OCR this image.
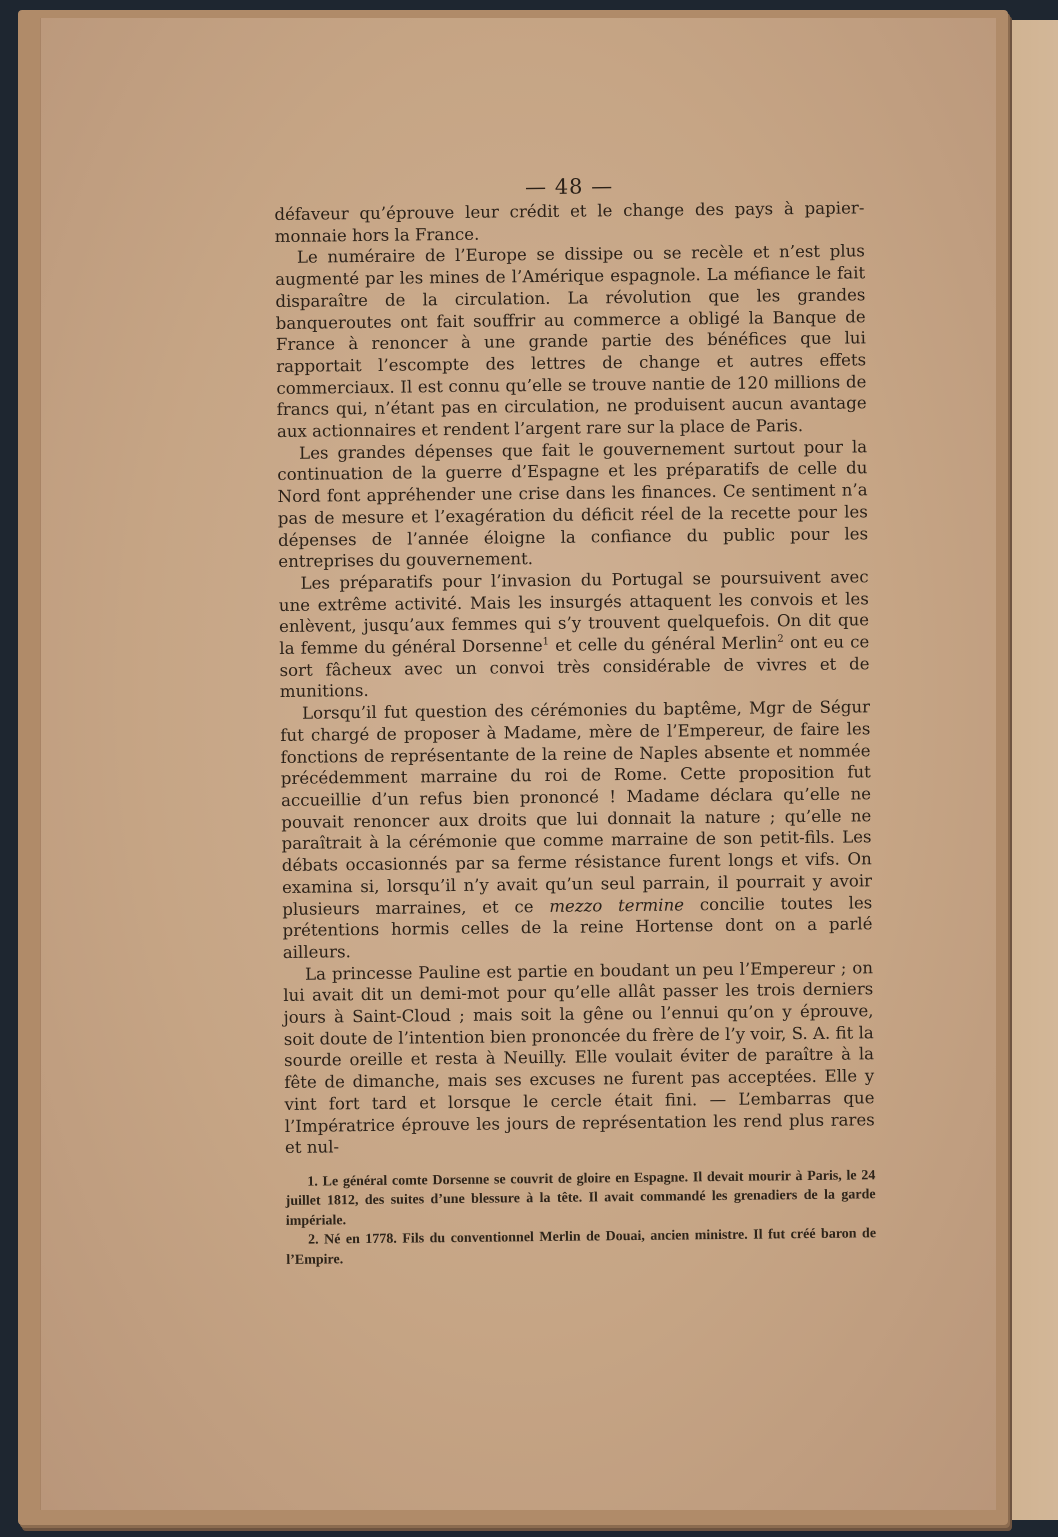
— 48 —

défaveur qu’éprouve leur crédit et le change des pays à papier-monnaie hors la France.

Le numéraire de l’Europe se dissipe ou se recèle et n’est plus augmenté par les mines de l’Amérique espagnole. La méfiance le fait disparaître de la circulation. La révolution que les grandes banqueroutes ont fait souffrir au commerce a obligé la Banque de France à renoncer à une grande partie des bénéfices que lui rapportait l’escompte des lettres de change et autres effets commerciaux. Il est connu qu’elle se trouve nantie de 120 millions de francs qui, n’étant pas en circulation, ne produisent aucun avantage aux actionnaires et rendent l’argent rare sur la place de Paris.

Les grandes dépenses que fait le gouvernement surtout pour la continuation de la guerre d’Espagne et les préparatifs de celle du Nord font appréhender une crise dans les finances. Ce sentiment n’a pas de mesure et l’exagération du déficit réel de la recette pour les dépenses de l’année éloigne la confiance du public pour les entreprises du gouvernement.

Les préparatifs pour l’invasion du Portugal se poursuivent avec une extrême activité. Mais les insurgés attaquent les convois et les enlèvent, jusqu’aux femmes qui s’y trouvent quelquefois. On dit que la femme du général Dorsenne$^1$ et celle du général Merlin$^2$ ont eu ce sort fâcheux avec un convoi très considérable de vivres et de munitions.

Lorsqu’il fut question des cérémonies du baptême, Mgr de Ségur fut chargé de proposer à Madame, mère de l’Empereur, de faire les fonctions de représentante de la reine de Naples absente et nommée précédemment marraine du roi de Rome. Cette proposition fut accueillie d’un refus bien prononcé ! Madame déclara qu’elle ne pouvait renoncer aux droits que lui donnait la nature ; qu’elle ne paraîtrait à la cérémonie que comme marraine de son petit-fils. Les débats occasionnés par sa ferme résistance furent longs et vifs. On examina si, lorsqu’il n’y avait qu’un seul parrain, il pourrait y avoir plusieurs marraines, et ce mezzo termine concilie toutes les prétentions hormis celles de la reine Hortense dont on a parlé ailleurs.

La princesse Pauline est partie en boudant un peu l’Empereur ; on lui avait dit un demi-mot pour qu’elle allât passer les trois derniers jours à Saint-Cloud ; mais soit la gêne ou l’ennui qu’on y éprouve, soit doute de l’intention bien prononcée du frère de l’y voir, S. A. fit la sourde oreille et resta à Neuilly. Elle voulait éviter de paraître à la fête de dimanche, mais ses excuses ne furent pas acceptées. Elle y vint fort tard et lorsque le cercle était fini. — L’embarras que l’Impératrice éprouve les jours de représentation les rend plus rares et nul-

1. Le général comte Dorsenne se couvrit de gloire en Espagne. Il devait mourir à Paris, le 24 juillet 1812, des suites d’une blessure à la tête. Il avait commandé les grenadiers de la garde impériale.

2. Né en 1778. Fils du conventionnel Merlin de Douai, ancien ministre. Il fut créé baron de l’Empire.
